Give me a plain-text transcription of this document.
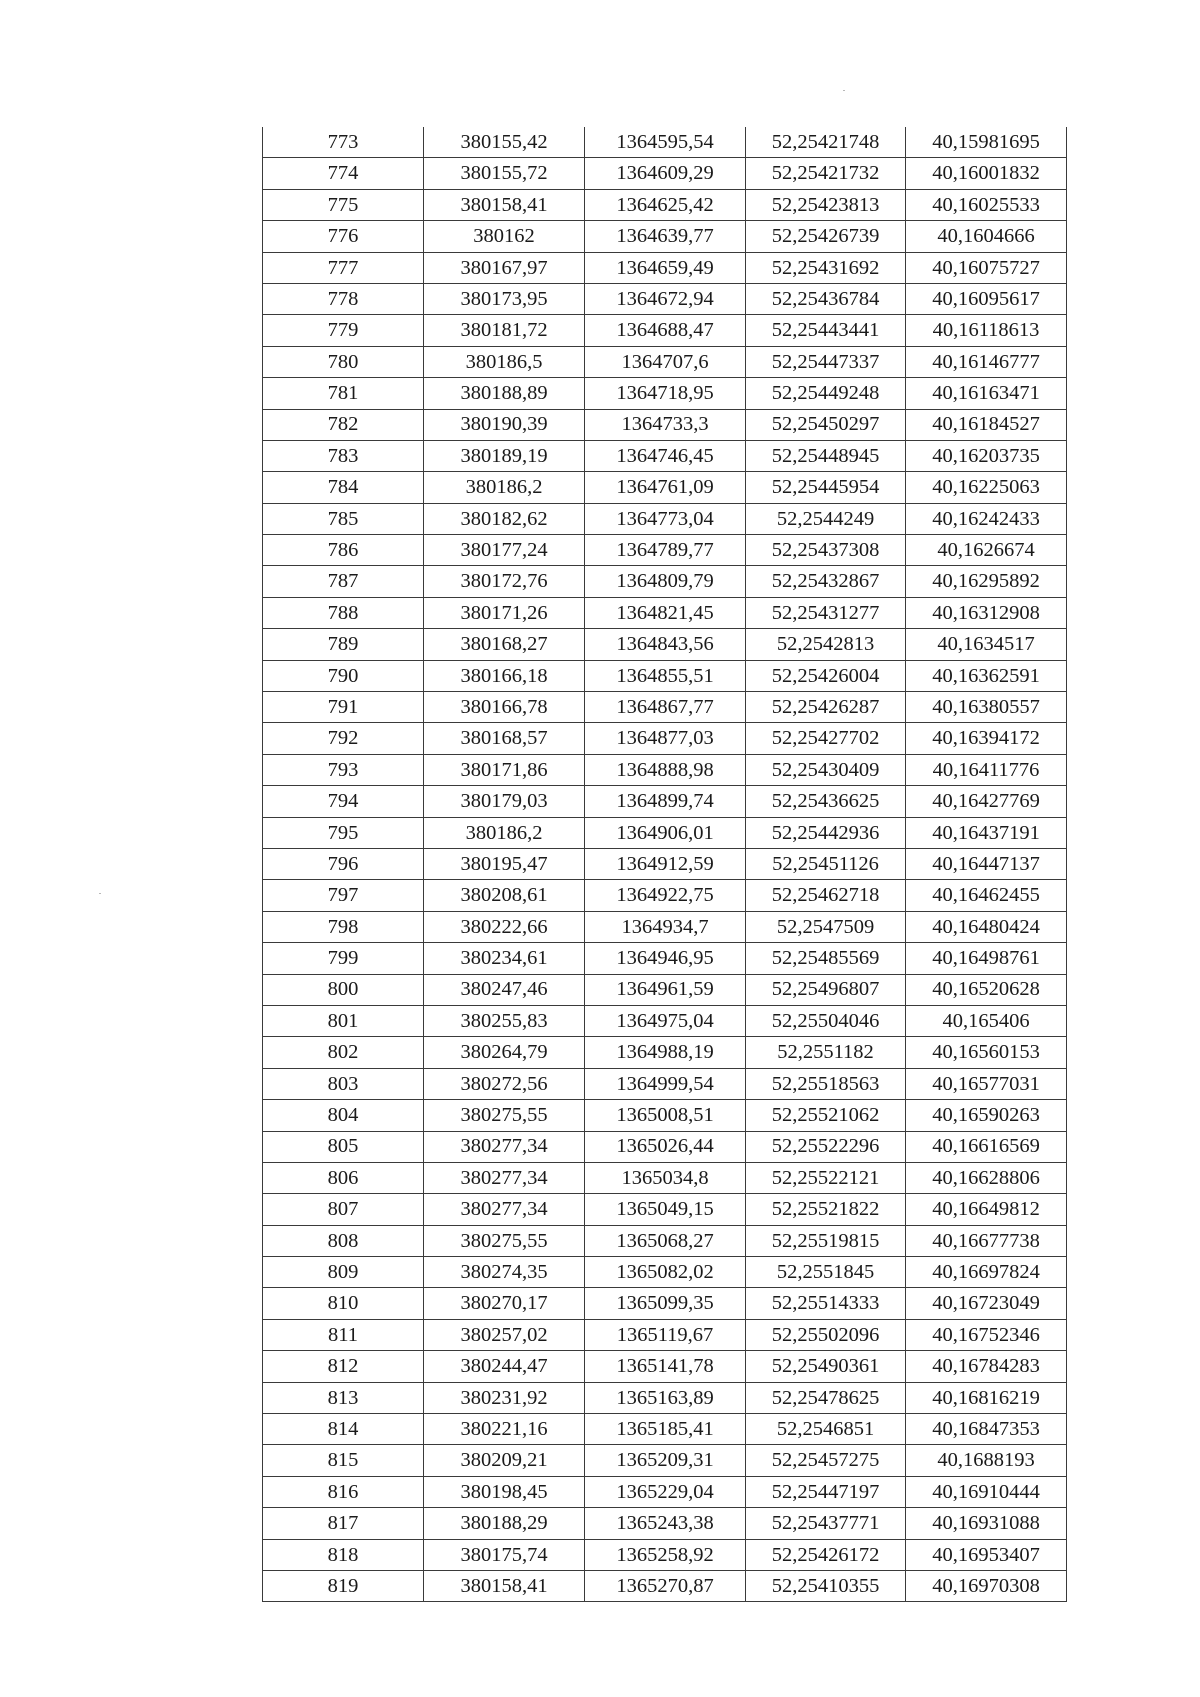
773	380155,42	1364595,54	52,25421748	40,15981695
774	380155,72	1364609,29	52,25421732	40,16001832
775	380158,41	1364625,42	52,25423813	40,16025533
776	380162	1364639,77	52,25426739	40,1604666
777	380167,97	1364659,49	52,25431692	40,16075727
778	380173,95	1364672,94	52,25436784	40,16095617
779	380181,72	1364688,47	52,25443441	40,16118613
780	380186,5	1364707,6	52,25447337	40,16146777
781	380188,89	1364718,95	52,25449248	40,16163471
782	380190,39	1364733,3	52,25450297	40,16184527
783	380189,19	1364746,45	52,25448945	40,16203735
784	380186,2	1364761,09	52,25445954	40,16225063
785	380182,62	1364773,04	52,2544249	40,16242433
786	380177,24	1364789,77	52,25437308	40,1626674
787	380172,76	1364809,79	52,25432867	40,16295892
788	380171,26	1364821,45	52,25431277	40,16312908
789	380168,27	1364843,56	52,2542813	40,1634517
790	380166,18	1364855,51	52,25426004	40,16362591
791	380166,78	1364867,77	52,25426287	40,16380557
792	380168,57	1364877,03	52,25427702	40,16394172
793	380171,86	1364888,98	52,25430409	40,16411776
794	380179,03	1364899,74	52,25436625	40,16427769
795	380186,2	1364906,01	52,25442936	40,16437191
796	380195,47	1364912,59	52,25451126	40,16447137
797	380208,61	1364922,75	52,25462718	40,16462455
798	380222,66	1364934,7	52,2547509	40,16480424
799	380234,61	1364946,95	52,25485569	40,16498761
800	380247,46	1364961,59	52,25496807	40,16520628
801	380255,83	1364975,04	52,25504046	40,165406
802	380264,79	1364988,19	52,2551182	40,16560153
803	380272,56	1364999,54	52,25518563	40,16577031
804	380275,55	1365008,51	52,25521062	40,16590263
805	380277,34	1365026,44	52,25522296	40,16616569
806	380277,34	1365034,8	52,25522121	40,16628806
807	380277,34	1365049,15	52,25521822	40,16649812
808	380275,55	1365068,27	52,25519815	40,16677738
809	380274,35	1365082,02	52,2551845	40,16697824
810	380270,17	1365099,35	52,25514333	40,16723049
811	380257,02	1365119,67	52,25502096	40,16752346
812	380244,47	1365141,78	52,25490361	40,16784283
813	380231,92	1365163,89	52,25478625	40,16816219
814	380221,16	1365185,41	52,2546851	40,16847353
815	380209,21	1365209,31	52,25457275	40,1688193
816	380198,45	1365229,04	52,25447197	40,16910444
817	380188,29	1365243,38	52,25437771	40,16931088
818	380175,74	1365258,92	52,25426172	40,16953407
819	380158,41	1365270,87	52,25410355	40,16970308
